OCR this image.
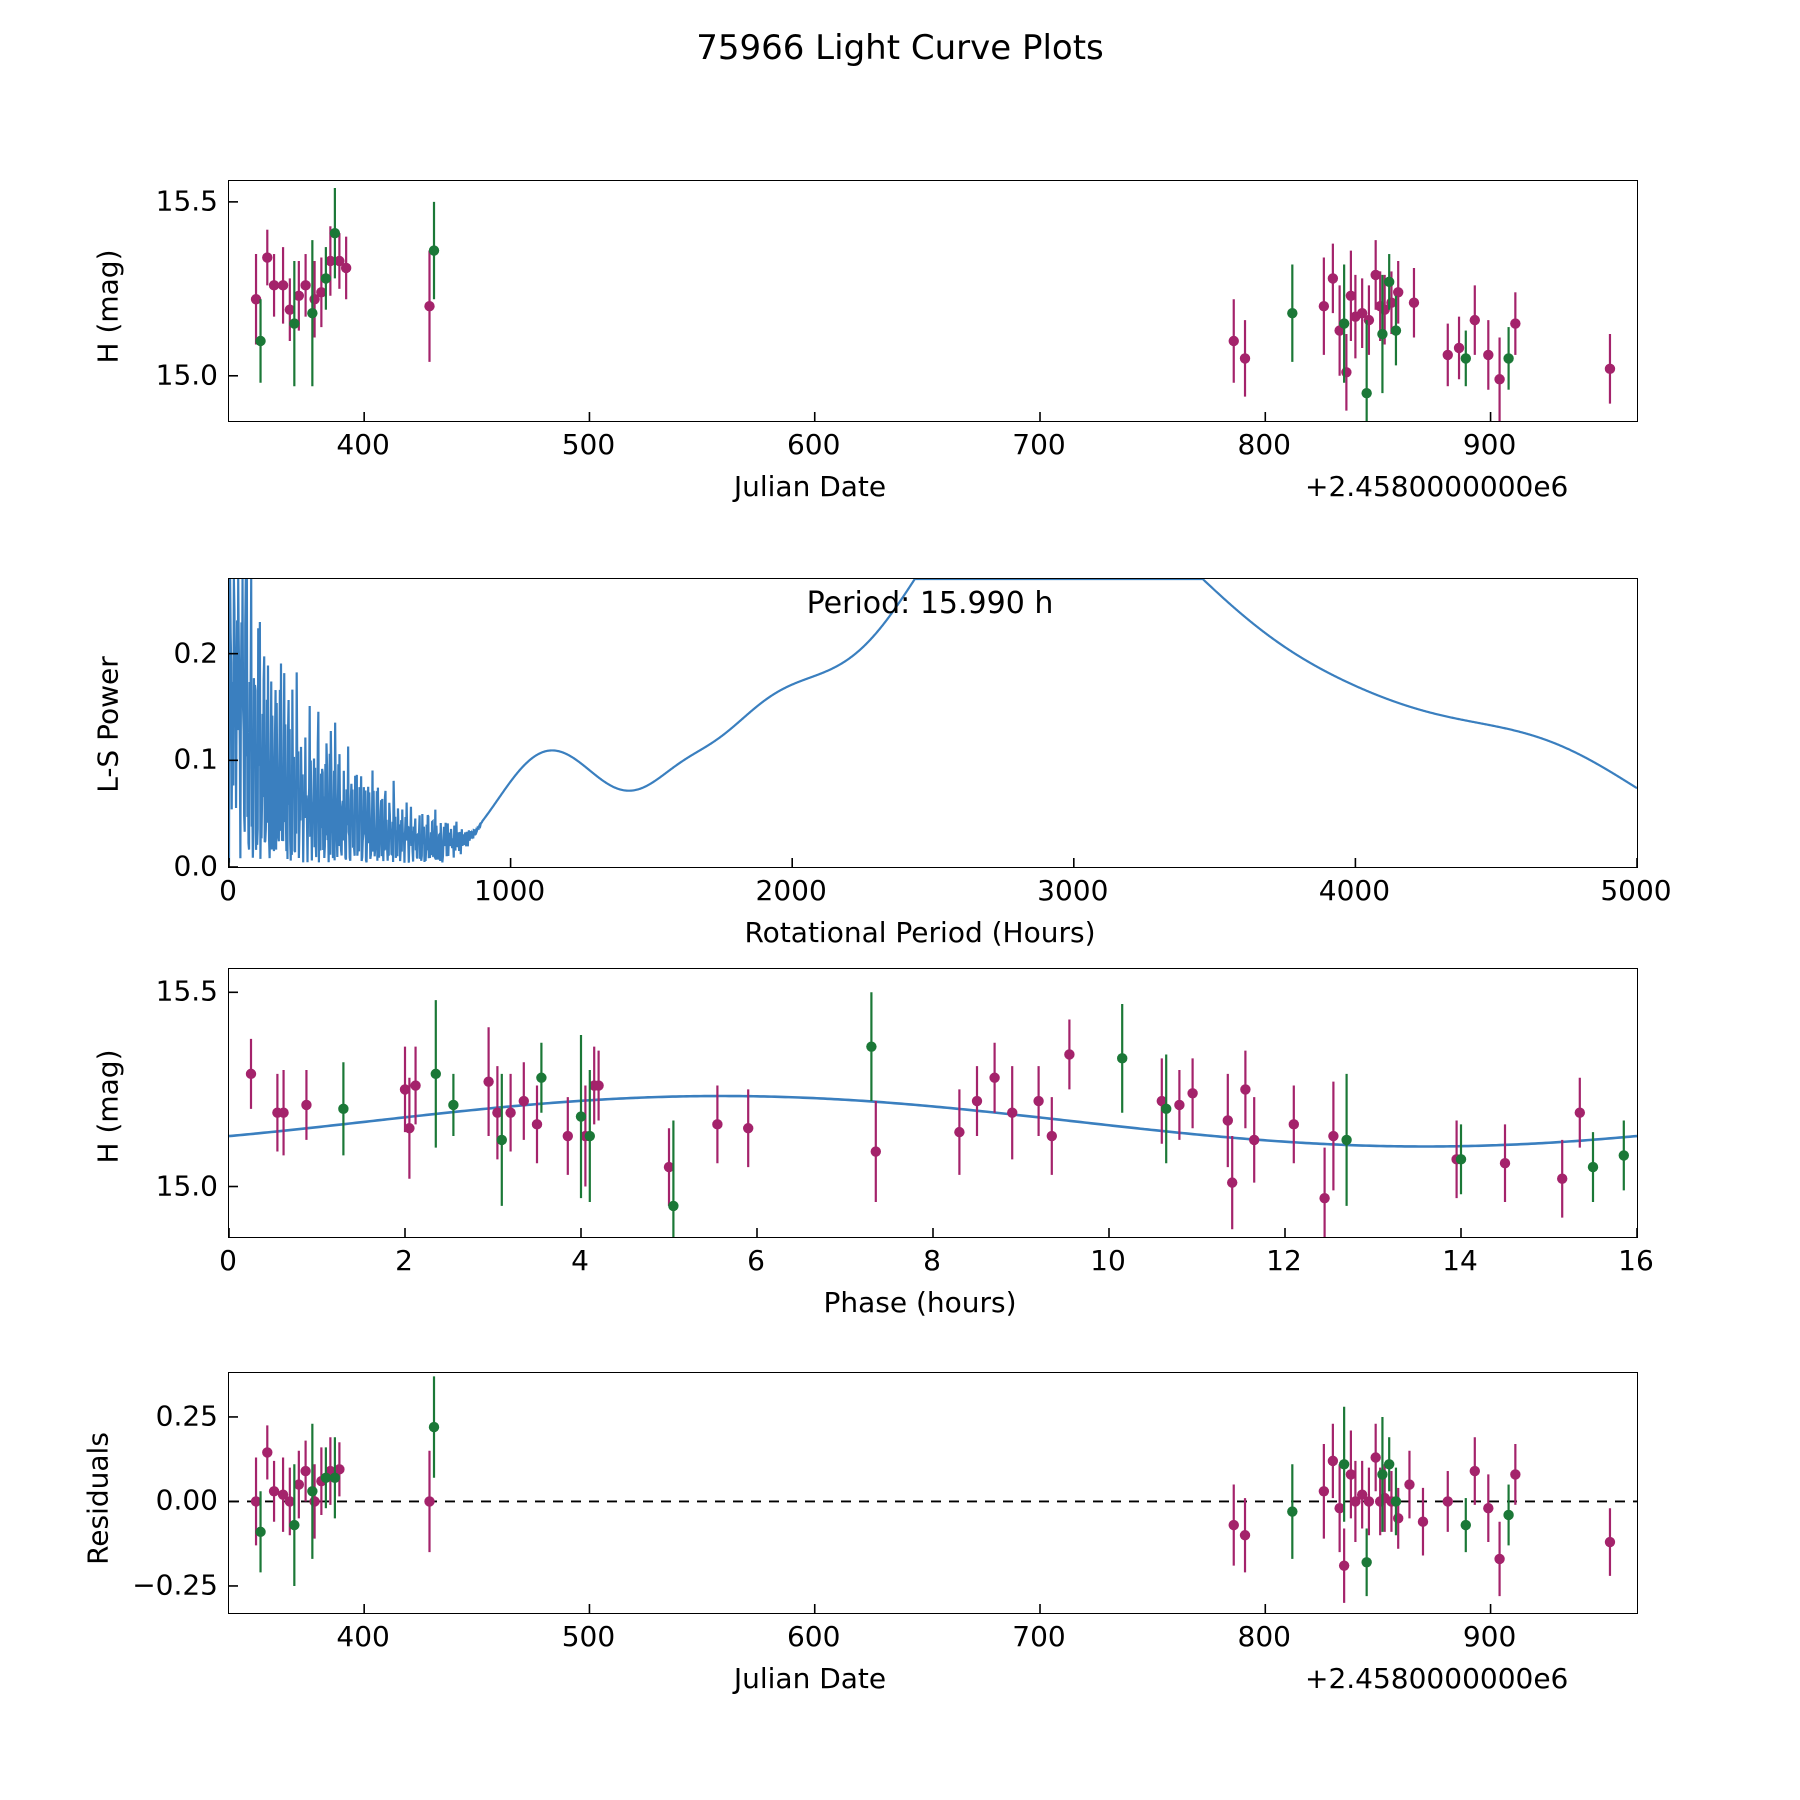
75966 Light Curve Plots
H (mag)
Julian Date	+2.4580000000e6
400	500	600	700	800	900
15.0
15.5
L-S Power
Rotational Period (Hours)
Period: 15.990 h
0	1000	2000	3000	4000	5000
0.0
0.1
0.2
H (mag)
Phase (hours)
0	2	4	6	8	10	12	14	16
15.0
15.5
Residuals
Julian Date	+2.4580000000e6
400	500	600	700	800	900
−0.25
0.00
0.25
